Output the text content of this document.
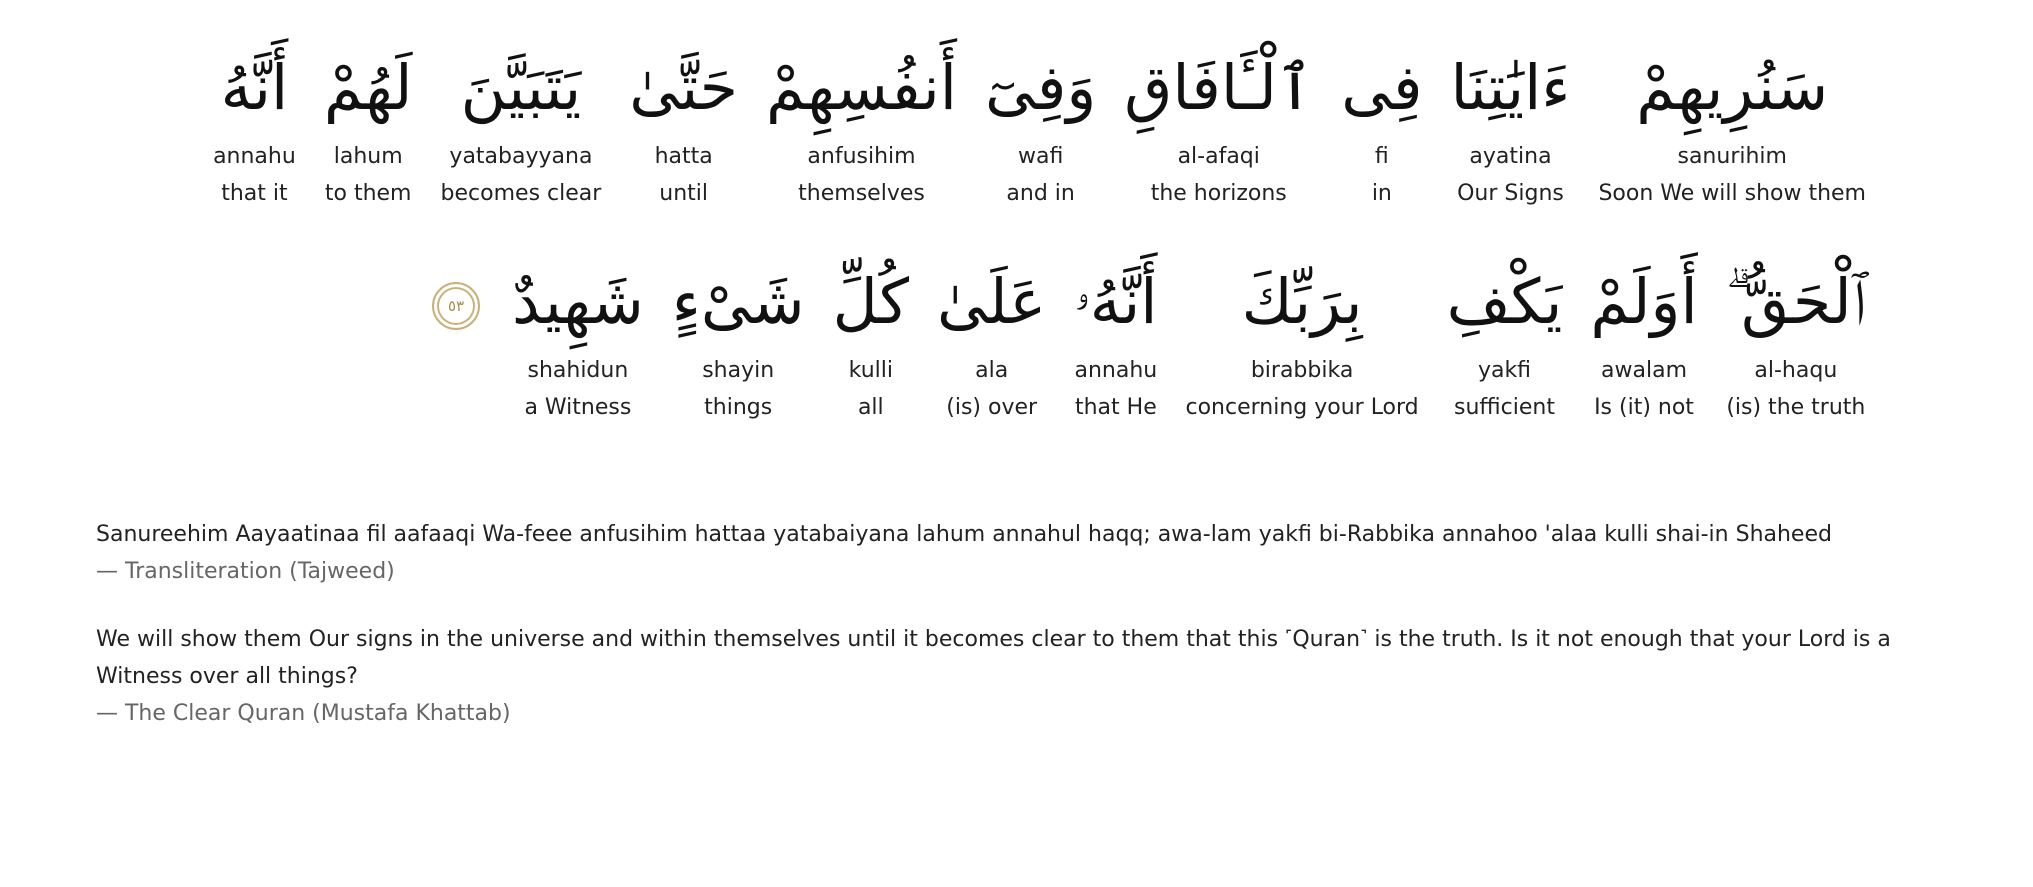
سَنُرِيهِمْ
sanurihim
Soon We will show them
ءَايَٰتِنَا
ayatina
Our Signs
فِى
fi
in
ٱلْـَٔافَاقِ
al-afaqi
the horizons
وَفِىٓ
wafi
and in
أَنفُسِهِمْ
anfusihim
themselves
حَتَّىٰ
hatta
until
يَتَبَيَّنَ
yatabayyana
becomes clear
لَهُمْ
lahum
to them
أَنَّهُ
annahu
that it
ٱلْحَقُّ ۗ
al-haqu
(is) the truth
أَوَلَمْ
awalam
Is (it) not
يَكْفِ
yakfi
sufficient
بِرَبِّكَ
birabbika
concerning your Lord
أَنَّهُۥ
annahu
that He
عَلَىٰ
ala
(is) over
كُلِّ
kulli
all
شَىْءٍ
shayin
things
شَهِيدٌ
shahidun
a Witness
٥٣

Sanureehim Aayaatinaa fil aafaaqi Wa-feee anfusihim hattaa yatabaiyana lahum annahul haqq; awa-lam yakfi bi-Rabbika annahoo 'alaa kulli shai-in Shaheed

— Transliteration (Tajweed)

We will show them Our signs in the universe and within themselves until it becomes clear to them that this ˹Quran˺ is the truth. Is it not enough that your Lord is a Witness over all things?

— The Clear Quran (Mustafa Khattab)
